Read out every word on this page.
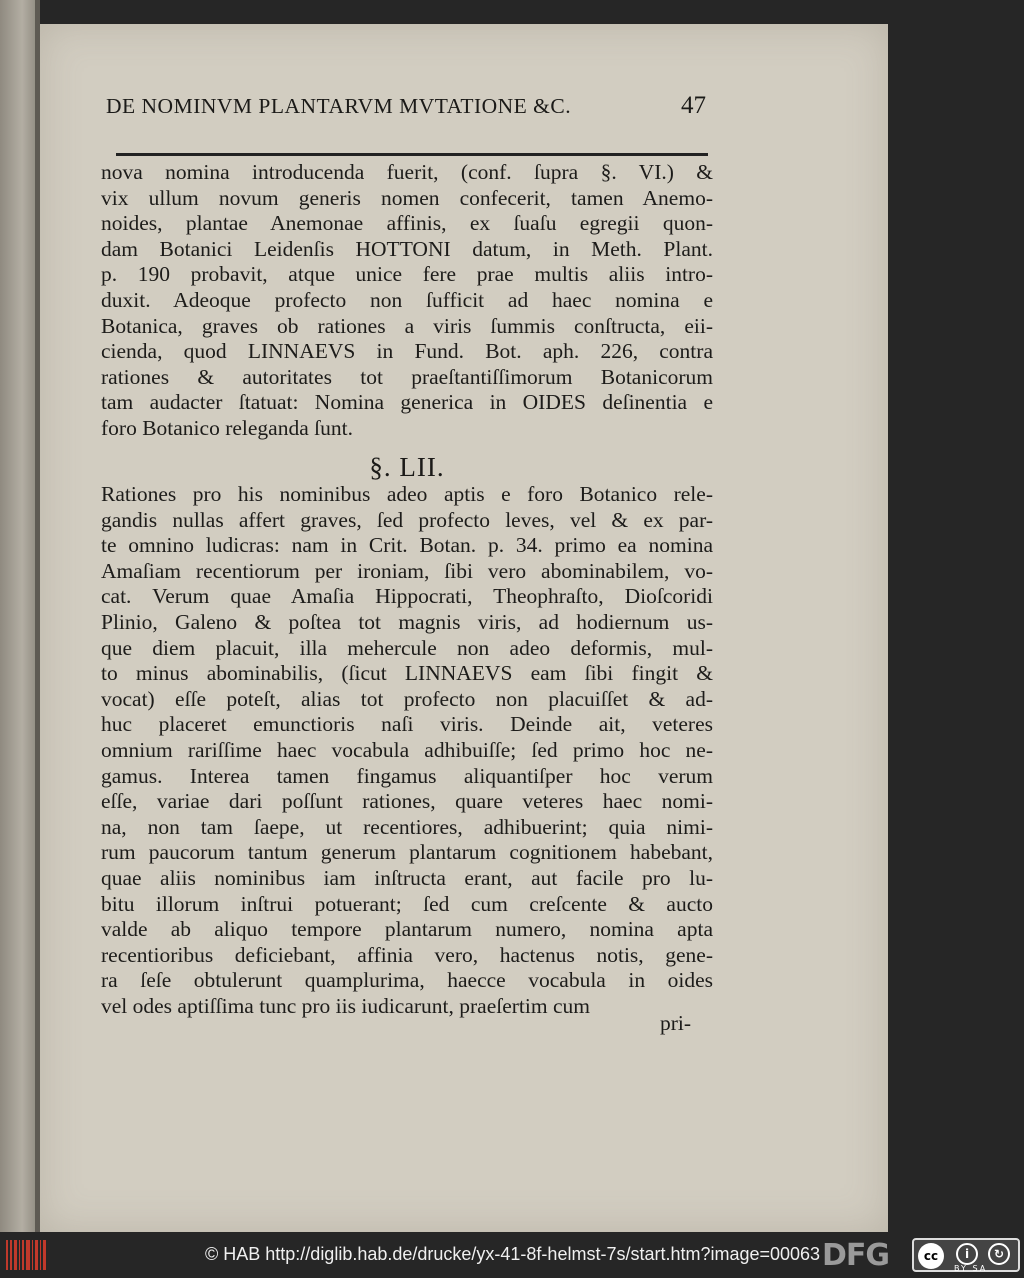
DE NOMINVM PLANTARVM MVTATIONE &C.	47
nova nomina introducenda fuerit, (conf. ſupra §. VI.) &
vix ullum novum generis nomen confecerit, tamen Anemo-
noides, plantae Anemonae affinis, ex ſuaſu egregii quon-
dam Botanici Leidenſis HOTTONI datum, in Meth. Plant.
p. 190 probavit, atque unice fere prae multis aliis intro-
duxit. Adeoque profecto non ſufficit ad haec nomina e
Botanica, graves ob rationes a viris ſummis conſtructa, eii-
cienda, quod LINNAEVS in Fund. Bot. aph. 226, contra
rationes & autoritates tot praeſtantiſſimorum Botanicorum
tam audacter ſtatuat: Nomina generica in OIDES deſinentia e
foro Botanico releganda ſunt.
§. LII.
Rationes pro his nominibus adeo aptis e foro Botanico rele-
gandis nullas affert graves, ſed profecto leves, vel & ex par-
te omnino ludicras: nam in Crit. Botan. p. 34. primo ea nomina
Amaſiam recentiorum per ironiam, ſibi vero abominabilem, vo-
cat. Verum quae Amaſia Hippocrati, Theophraſto, Dioſcoridi
Plinio, Galeno & poſtea tot magnis viris, ad hodiernum us-
que diem placuit, illa mehercule non adeo deformis, mul-
to minus abominabilis, (ſicut LINNAEVS eam ſibi fingit &
vocat) eſſe poteſt, alias tot profecto non placuiſſet & ad-
huc placeret emunctioris naſi viris. Deinde ait, veteres
omnium rariſſime haec vocabula adhibuiſſe; ſed primo hoc ne-
gamus. Interea tamen fingamus aliquantiſper hoc verum
eſſe, variae dari poſſunt rationes, quare veteres haec nomi-
na, non tam ſaepe, ut recentiores, adhibuerint; quia nimi-
rum paucorum tantum generum plantarum cognitionem habebant,
quae aliis nominibus iam inſtructa erant, aut facile pro lu-
bitu illorum inſtrui potuerant; ſed cum creſcente & aucto
valde ab aliquo tempore plantarum numero, nomina apta
recentioribus deficiebant, affinia vero, hactenus notis, gene-
ra ſeſe obtulerunt quamplurima, haecce vocabula in oides
vel odes aptiſſima tunc pro iis iudicarunt, praeſertim cum
pri-
© HAB http://diglib.hab.de/drucke/yx-41-8f-helmst-7s/start.htm?image=00063 DFG	cc	i	↻
BY SA
